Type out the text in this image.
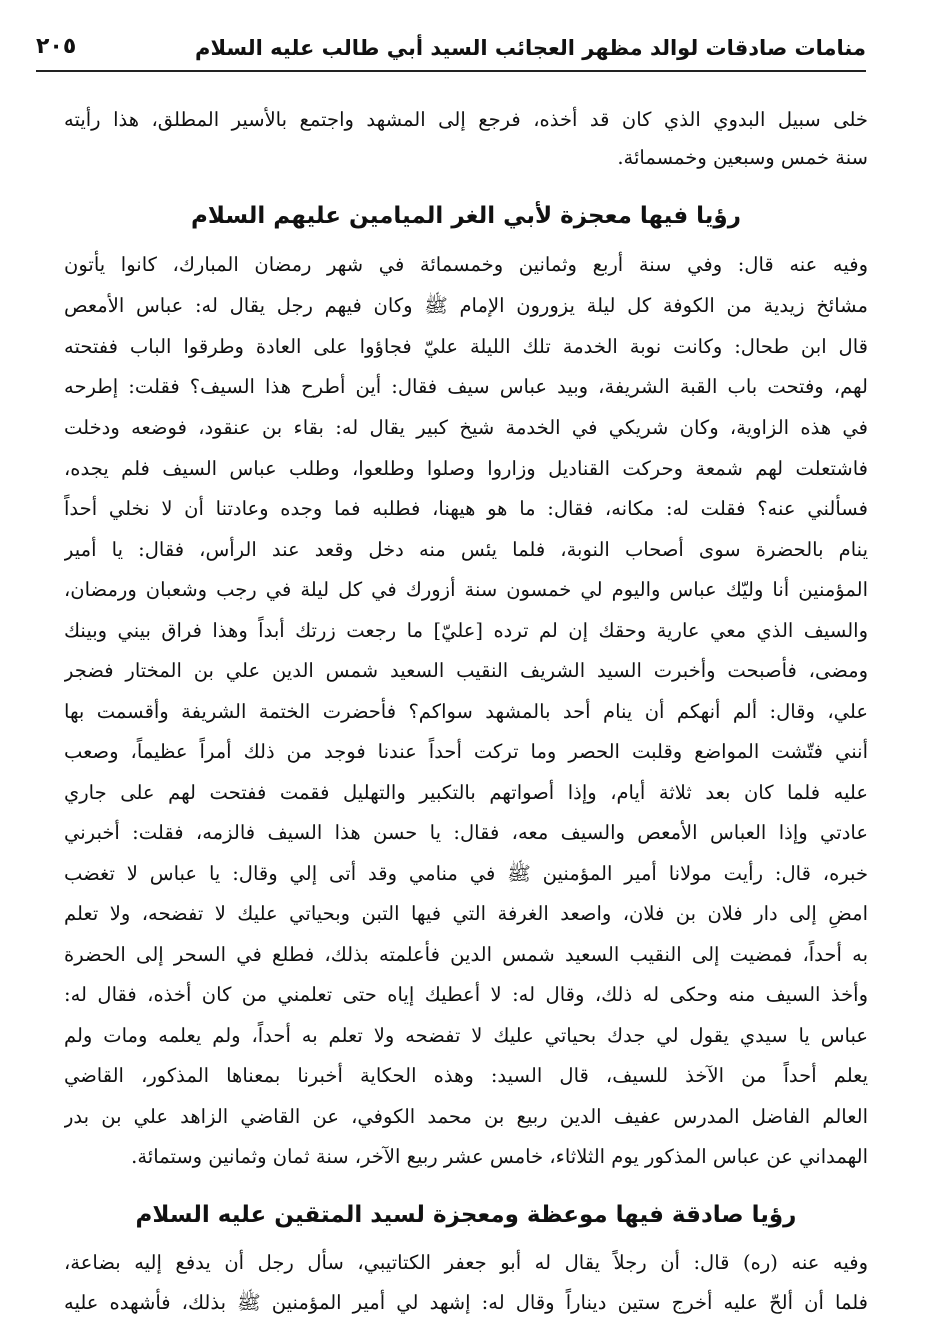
منامات صادقات لوالد مظهر العجائب السيد أبي طالب عليه السلام
٢٠٥
خلى سبيل البدوي الذي كان قد أخذه، فرجع إلى المشهد واجتمع بالأسير المطلق، هذا رأيته
سنة خمس وسبعين وخمسمائة.
رؤيا فيها معجزة لأبي الغر الميامين عليهم السلام
وفيه عنه قال: وفي سنة أربع وثمانين وخمسمائة في شهر رمضان المبارك، كانوا يأتون
مشائخ زيدية من الكوفة كل ليلة يزورون الإمام ﷺ وكان فيهم رجل يقال له: عباس الأمعص
قال ابن طحال: وكانت نوبة الخدمة تلك الليلة عليّ فجاؤوا على العادة وطرقوا الباب ففتحته
لهم، وفتحت باب القبة الشريفة، وبيد عباس سيف فقال: أين أطرح هذا السيف؟ فقلت: إطرحه
في هذه الزاوية، وكان شريكي في الخدمة شيخ كبير يقال له: بقاء بن عنقود، فوضعه ودخلت
فاشتعلت لهم شمعة وحركت القناديل وزاروا وصلوا وطلعوا، وطلب عباس السيف فلم يجده،
فسألني عنه؟ فقلت له: مكانه، فقال: ما هو هيهنا، فطلبه فما وجده وعادتنا أن لا نخلي أحداً
ينام بالحضرة سوى أصحاب النوبة، فلما يئس منه دخل وقعد عند الرأس، فقال: يا أمير
المؤمنين أنا وليّك عباس واليوم لي خمسون سنة أزورك في كل ليلة في رجب وشعبان ورمضان،
والسيف الذي معي عارية وحقك إن لم ترده [عليّ] ما رجعت زرتك أبداً وهذا فراق بيني وبينك
ومضى، فأصبحت وأخبرت السيد الشريف النقيب السعيد شمس الدين علي بن المختار فضجر
علي، وقال: ألم أنهكم أن ينام أحد بالمشهد سواكم؟ فأحضرت الختمة الشريفة وأقسمت بها
أنني فتّشت المواضع وقلبت الحصر وما تركت أحداً عندنا فوجد من ذلك أمراً عظيماً، وصعب
عليه فلما كان بعد ثلاثة أيام، وإذا أصواتهم بالتكبير والتهليل فقمت ففتحت لهم على جاري
عادتي وإذا العباس الأمعص والسيف معه، فقال: يا حسن هذا السيف فالزمه، فقلت: أخبرني
خبره، قال: رأيت مولانا أمير المؤمنين ﷺ في منامي وقد أتى إلي وقال: يا عباس لا تغضب
امضِ إلى دار فلان بن فلان، واصعد الغرفة التي فيها التبن وبحياتي عليك لا تفضحه، ولا تعلم
به أحداً، فمضيت إلى النقيب السعيد شمس الدين فأعلمته بذلك، فطلع في السحر إلى الحضرة
وأخذ السيف منه وحكى له ذلك، وقال له: لا أعطيك إياه حتى تعلمني من كان أخذه، فقال له:
عباس يا سيدي يقول لي جدك بحياتي عليك لا تفضحه ولا تعلم به أحداً، ولم يعلمه ومات ولم
يعلم أحداً من الآخذ للسيف، قال السيد: وهذه الحكاية أخبرنا بمعناها المذكور، القاضي
العالم الفاضل المدرس عفيف الدين ربيع بن محمد الكوفي، عن القاضي الزاهد علي بن بدر
الهمداني عن عباس المذكور يوم الثلاثاء، خامس عشر ربيع الآخر، سنة ثمان وثمانين وستمائة.
رؤيا صادقة فيها موعظة ومعجزة لسيد المتقين عليه السلام
وفيه عنه (ره) قال: أن رجلاً يقال له أبو جعفر الكتاتيبي، سأل رجل أن يدفع إليه بضاعة،
فلما أن ألحّ عليه أخرج ستين ديناراً وقال له: إشهد لي أمير المؤمنين ﷺ بذلك، فأشهده عليه
